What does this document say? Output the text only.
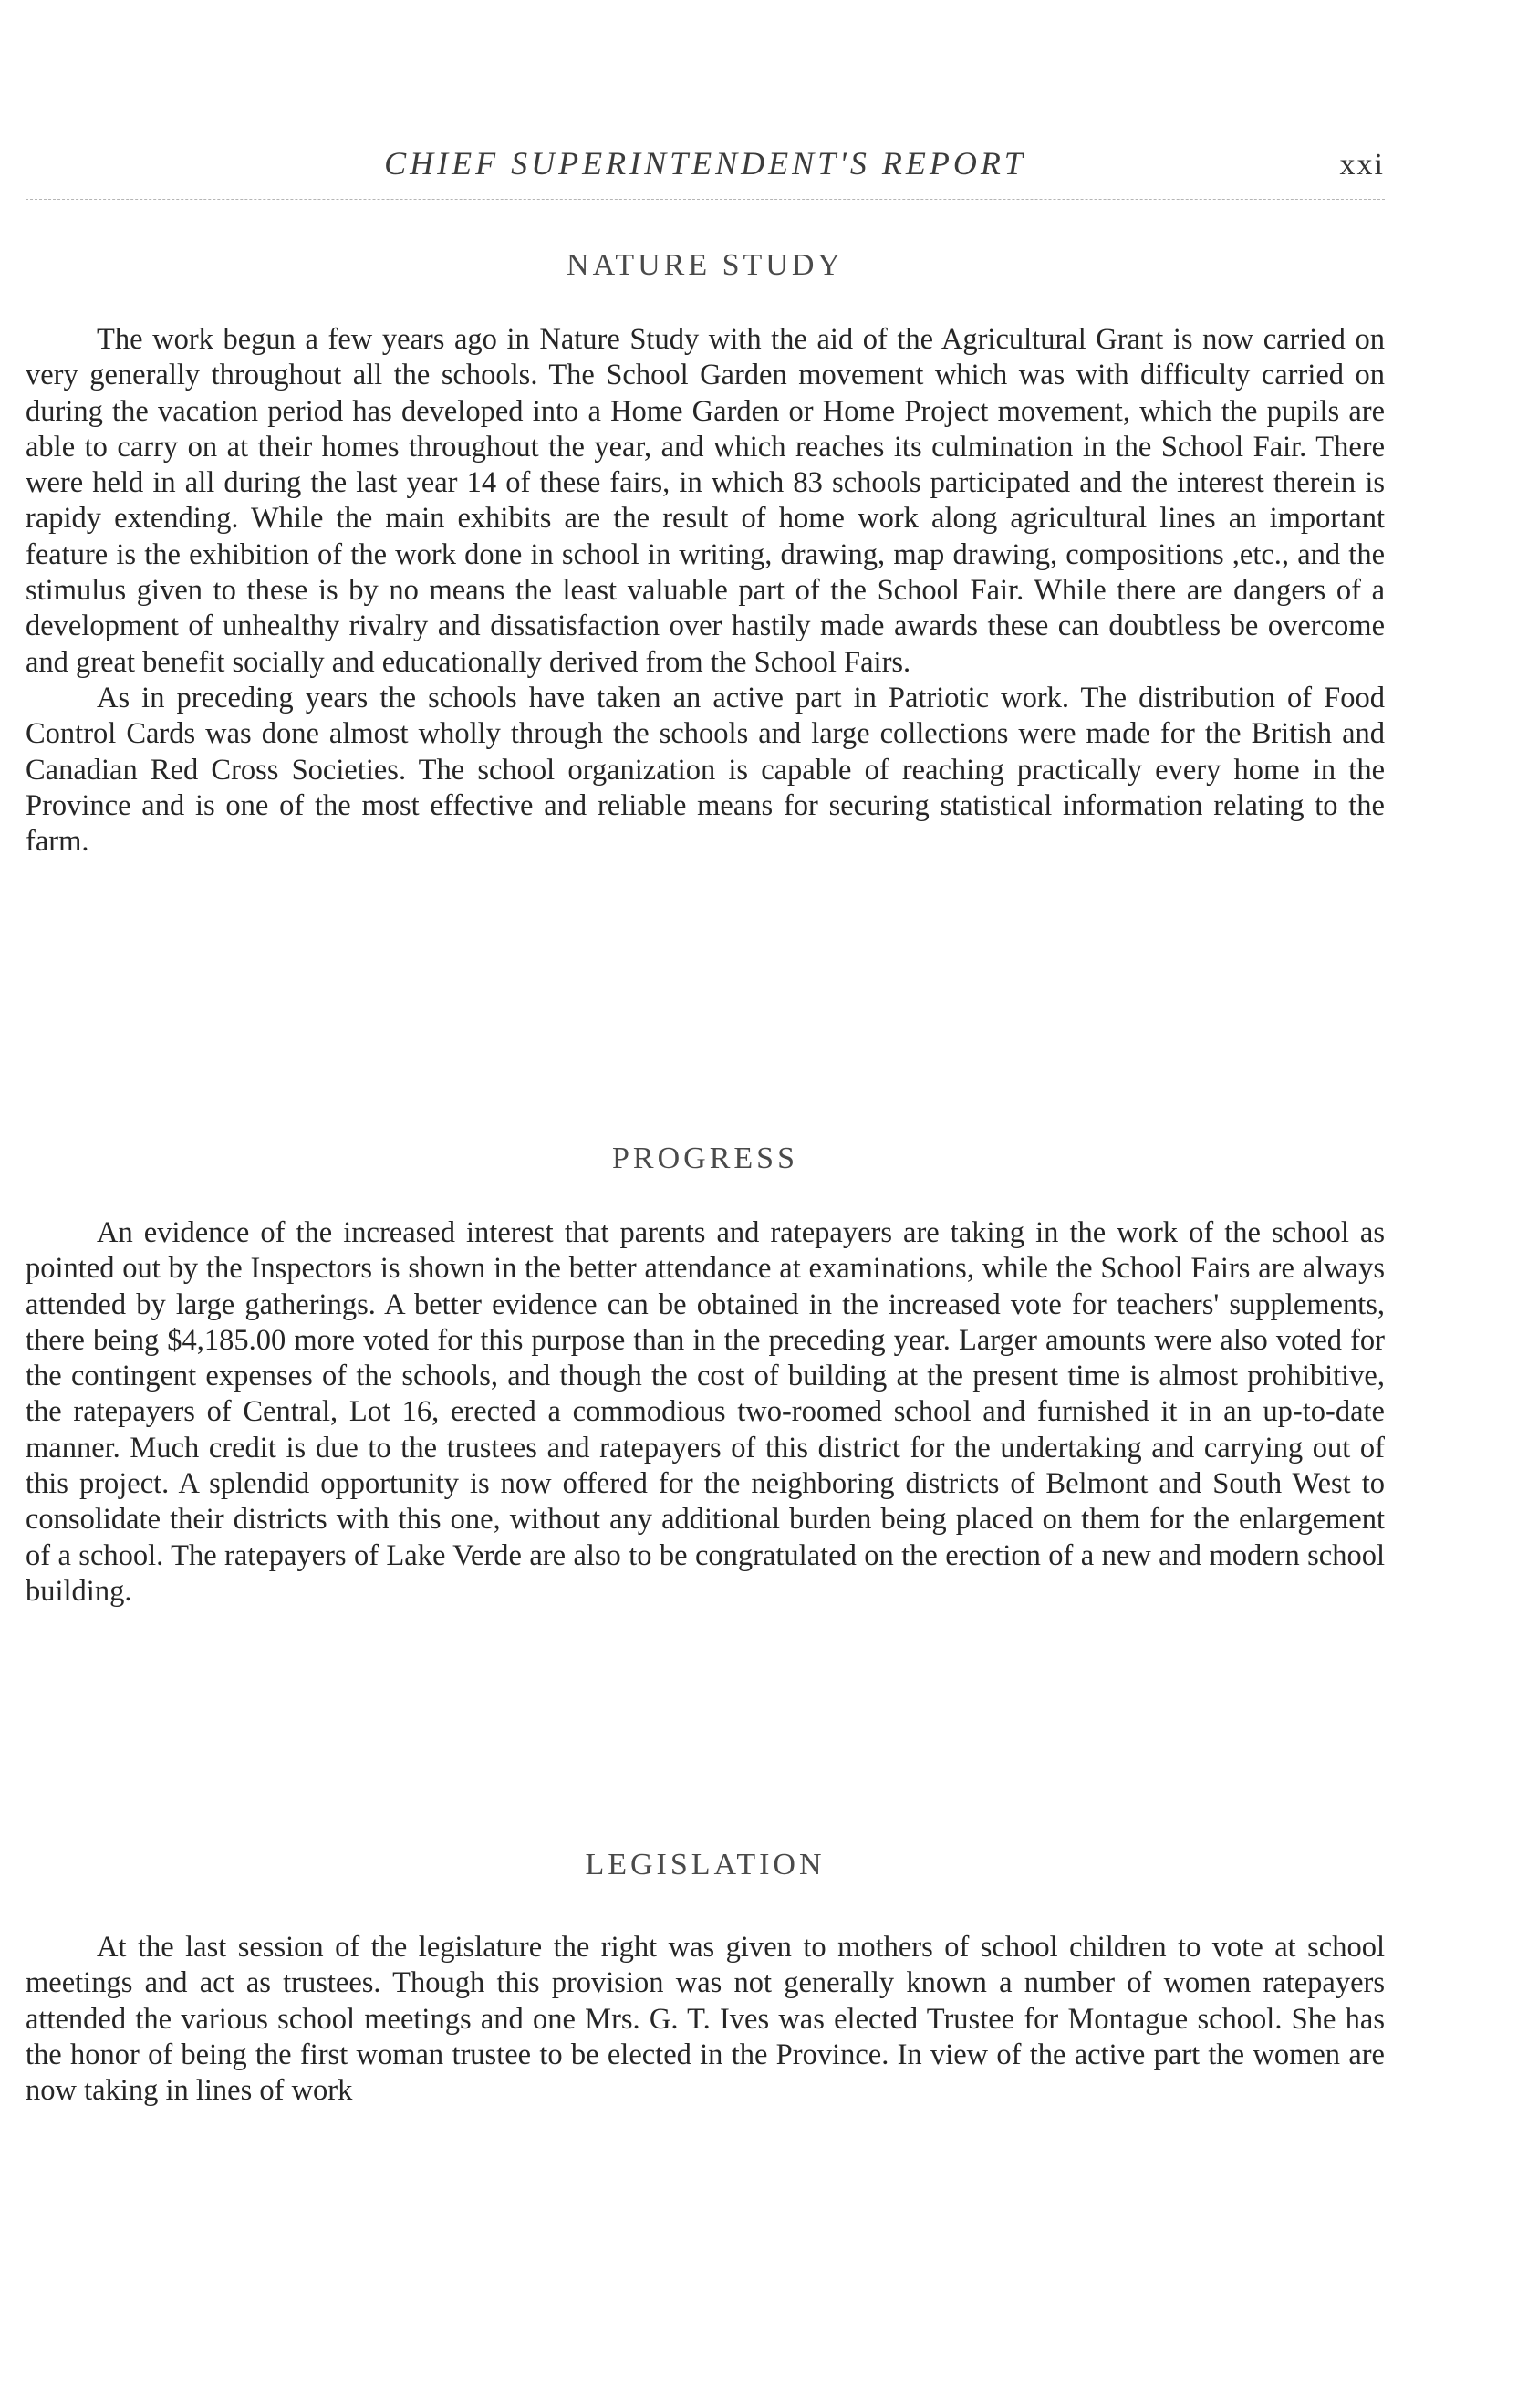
CHIEF SUPERINTENDENT'S REPORT	xxi
NATURE STUDY

The work begun a few years ago in Nature Study with the aid of the Agricultural Grant is now carried on very generally throughout all the schools. The School Garden movement which was with difficulty carried on during the vacation period has developed into a Home Garden or Home Project movement, which the pupils are able to carry on at their homes throughout the year, and which reaches its culmination in the School Fair. There were held in all during the last year 14 of these fairs, in which 83 schools participated and the interest therein is rapidy extending. While the main exhibits are the result of home work along agricultural lines an important feature is the exhibition of the work done in school in writing, drawing, map drawing, compositions ,etc., and the stimulus given to these is by no means the least valuable part of the School Fair. While there are dangers of a development of unhealthy rivalry and dissatisfaction over hastily made awards these can doubtless be overcome and great benefit socially and educationally derived from the School Fairs.

As in preceding years the schools have taken an active part in Patriotic work. The distribution of Food Control Cards was done almost wholly through the schools and large collections were made for the British and Canadian Red Cross Societies. The school organization is capable of reaching practically every home in the Province and is one of the most effective and reliable means for securing statistical information relating to the farm.

PROGRESS

An evidence of the increased interest that parents and ratepayers are taking in the work of the school as pointed out by the Inspectors is shown in the better attendance at examinations, while the School Fairs are always attended by large gatherings. A better evidence can be obtained in the increased vote for teachers' supplements, there being $4,185.00 more voted for this purpose than in the preceding year. Larger amounts were also voted for the contingent expenses of the schools, and though the cost of building at the present time is almost prohibitive, the ratepayers of Central, Lot 16, erected a commodious two-roomed school and furnished it in an up-to-date manner. Much credit is due to the trustees and ratepayers of this district for the undertaking and carrying out of this project. A splendid opportunity is now offered for the neighboring districts of Belmont and South West to consolidate their districts with this one, without any additional burden being placed on them for the enlargement of a school. The ratepayers of Lake Verde are also to be congratulated on the erection of a new and modern school building.

LEGISLATION

At the last session of the legislature the right was given to mothers of school children to vote at school meetings and act as trustees. Though this provision was not generally known a number of women ratepayers attended the various school meetings and one Mrs. G. T. Ives was elected Trustee for Montague school. She has the honor of being the first woman trustee to be elected in the Province. In view of the active part the women are now taking in lines of work
